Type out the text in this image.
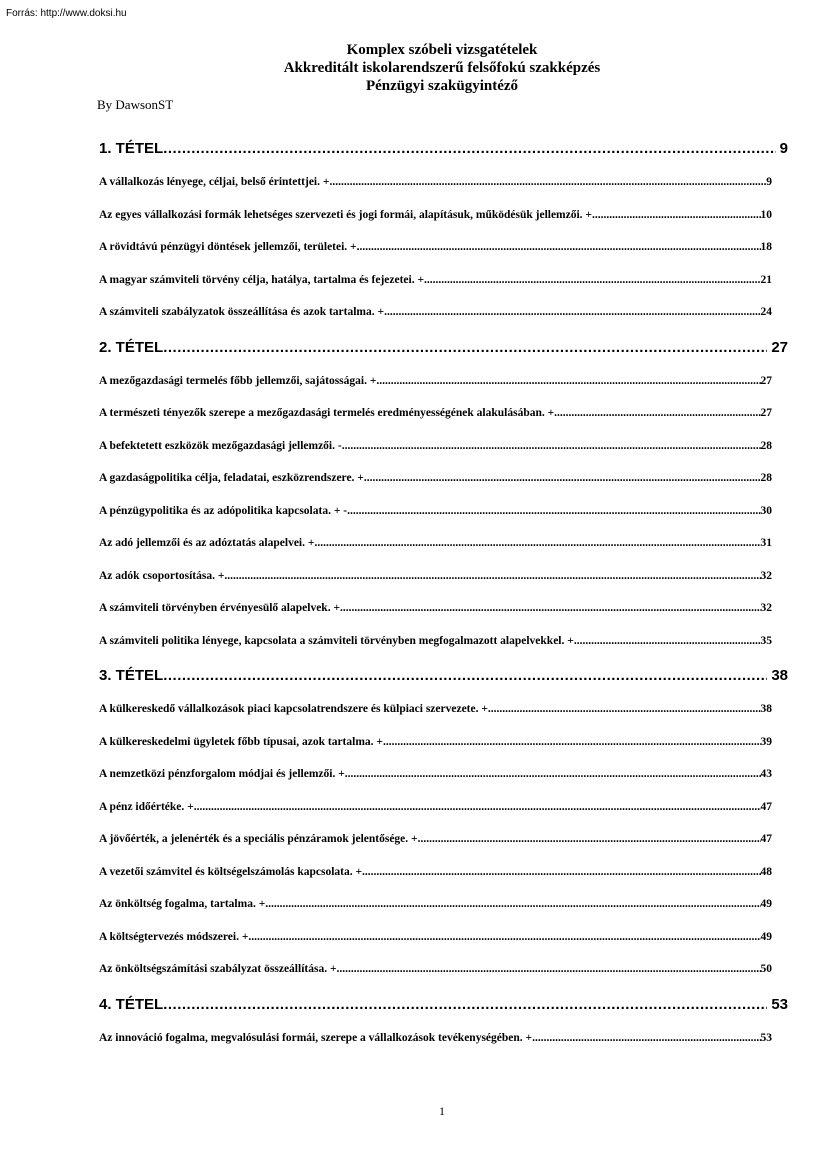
Forrás: http://www.doksi.hu
Komplex szóbeli vizsgatételek
Akkreditált iskolarendszerű felsőfokú szakképzés
Pénzügyi szakügyintéző
By DawsonST
1. TÉTEL .....	9
A vállalkozás lényege, céljai, belső érintettjei. + .....	9
Az egyes vállalkozási formák lehetséges szervezeti és jogi formái, alapításuk, működésük jellemzői. + .....	10
A rövidtávú pénzügyi döntések jellemzői, területei. + .....	18
A magyar számviteli törvény célja, hatálya, tartalma és fejezetei. + .....	21
A számviteli szabályzatok összeállítása és azok tartalma. + .....	24
2. TÉTEL .....	27
A mezőgazdasági termelés főbb jellemzői, sajátosságai. + .....	27
A természeti tényezők szerepe a mezőgazdasági termelés eredményességének alakulásában. + .....	27
A befektetett eszközök mezőgazdasági jellemzői. - .....	28
A gazdaságpolitika célja, feladatai, eszközrendszere. + .....	28
A pénzügypolitika és az adópolitika kapcsolata. + - .....	30
Az adó jellemzői és az adóztatás alapelvei. + .....	31
Az adók csoportosítása. + .....	32
A számviteli törvényben érvényesülő alapelvek. + .....	32
A számviteli politika lényege, kapcsolata a számviteli törvényben megfogalmazott alapelvekkel. + .....	35
3. TÉTEL .....	38
A külkereskedő vállalkozások piaci kapcsolatrendszere és külpiaci szervezete. + .....	38
A külkereskedelmi ügyletek főbb típusai, azok tartalma. + .....	39
A nemzetközi pénzforgalom módjai és jellemzői. + .....	43
A pénz időértéke. + .....	47
A jövőérték, a jelenérték és a speciális pénzáramok jelentősége. + .....	47
A vezetői számvitel és költségelszámolás kapcsolata. + .....	48
Az önköltség fogalma, tartalma. + .....	49
A költségtervezés módszerei. + .....	49
Az önköltségszámítási szabályzat összeállítása. + .....	50
4. TÉTEL .....	53
Az innováció fogalma, megvalósulási formái, szerepe a vállalkozások tevékenységében. + .....	53
1
